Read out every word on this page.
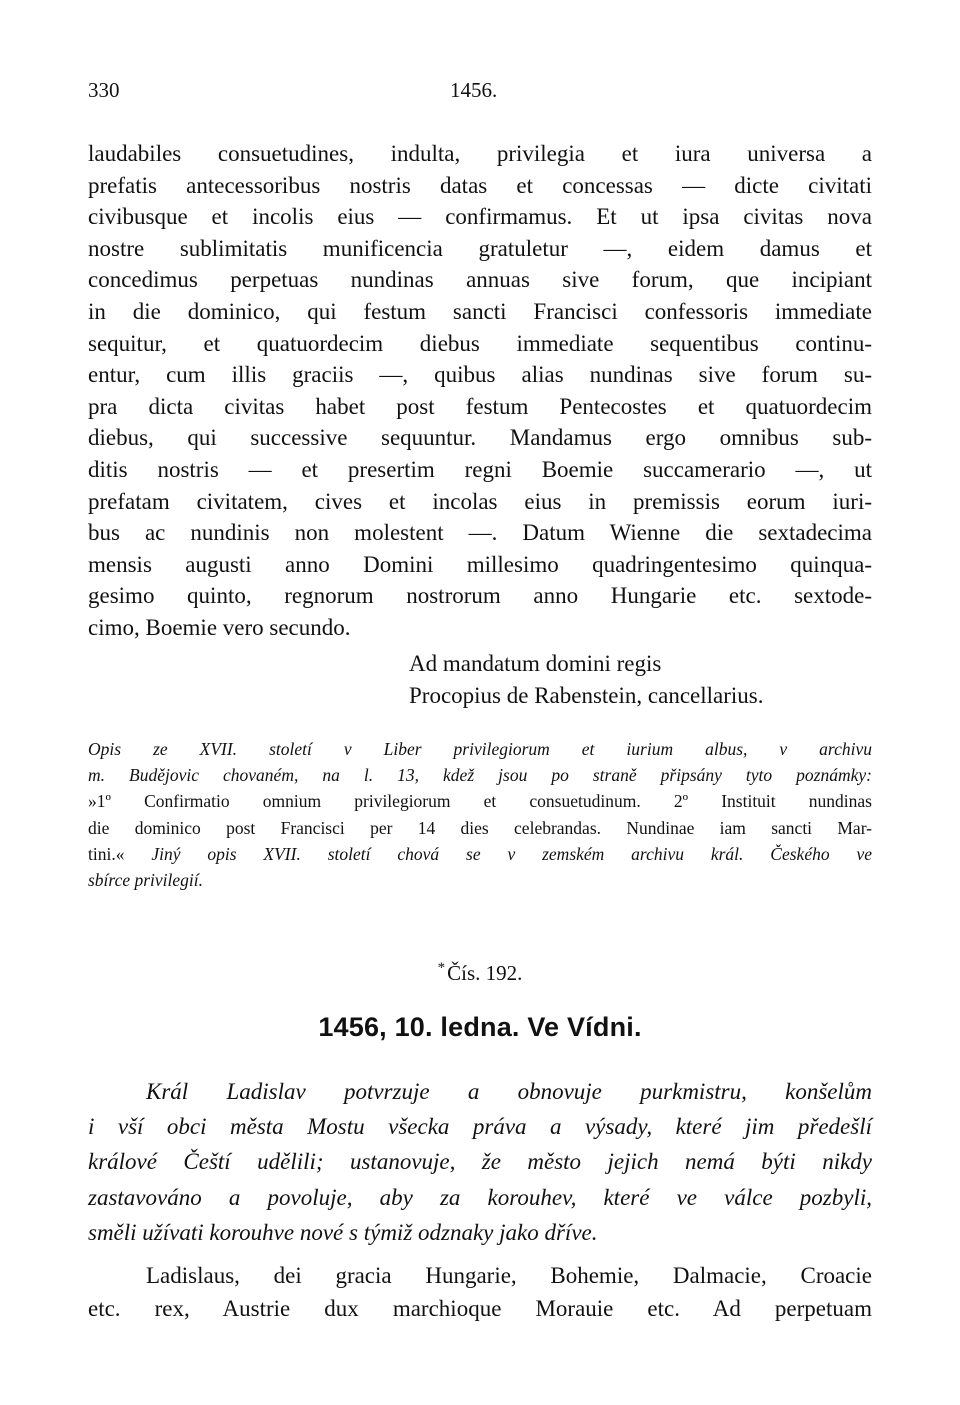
330	1456.
laudabiles consuetudines, indulta, privilegia et iura universa a
prefatis antecessoribus nostris datas et concessas — dicte civitati
civibusque et incolis eius — confirmamus. Et ut ipsa civitas nova
nostre sublimitatis munificencia gratuletur —, eidem damus et
concedimus perpetuas nundinas annuas sive forum, que incipiant
in die dominico, qui festum sancti Francisci confessoris immediate
sequitur, et quatuordecim diebus immediate sequentibus continu-
entur, cum illis graciis —, quibus alias nundinas sive forum su-
pra dicta civitas habet post festum Pentecostes et quatuordecim
diebus, qui successive sequuntur. Mandamus ergo omnibus sub-
ditis nostris — et presertim regni Boemie succamerario —, ut
prefatam civitatem, cives et incolas eius in premissis eorum iuri-
bus ac nundinis non molestent —. Datum Wienne die sextadecima
mensis augusti anno Domini millesimo quadringentesimo quinqua-
gesimo quinto, regnorum nostrorum anno Hungarie etc. sextode-
cimo, Boemie vero secundo.
Ad mandatum domini regis
Procopius de Rabenstein, cancellarius.
Opis ze XVII. století v Liber privilegiorum et iurium albus, v archivu
m. Budějovic chovaném, na l. 13, kdež jsou po straně připsány tyto poznámky:
»1º Confirmatio omnium privilegiorum et consuetudinum. 2º Instituit nundinas
die dominico post Francisci per 14 dies celebrandas. Nundinae iam sancti Mar-
tini.« Jiný opis XVII. století chová se v zemském archivu král. Českého ve
sbírce privilegií.
*Čís. 192.
1456, 10. ledna. Ve Vídni.
Král Ladislav potvrzuje a obnovuje purkmistru, konšelům
i vší obci města Mostu všecka práva a výsady, které jim předešlí
králové Čeští udělili; ustanovuje, že město jejich nemá býti nikdy
zastavováno a povoluje, aby za korouhev, které ve válce pozbyli,
směli užívati korouhve nové s týmiž odznaky jako dříve.
Ladislaus, dei gracia Hungarie, Bohemie, Dalmacie, Croacie
etc. rex, Austrie dux marchioque Morauie etc. Ad perpetuam
